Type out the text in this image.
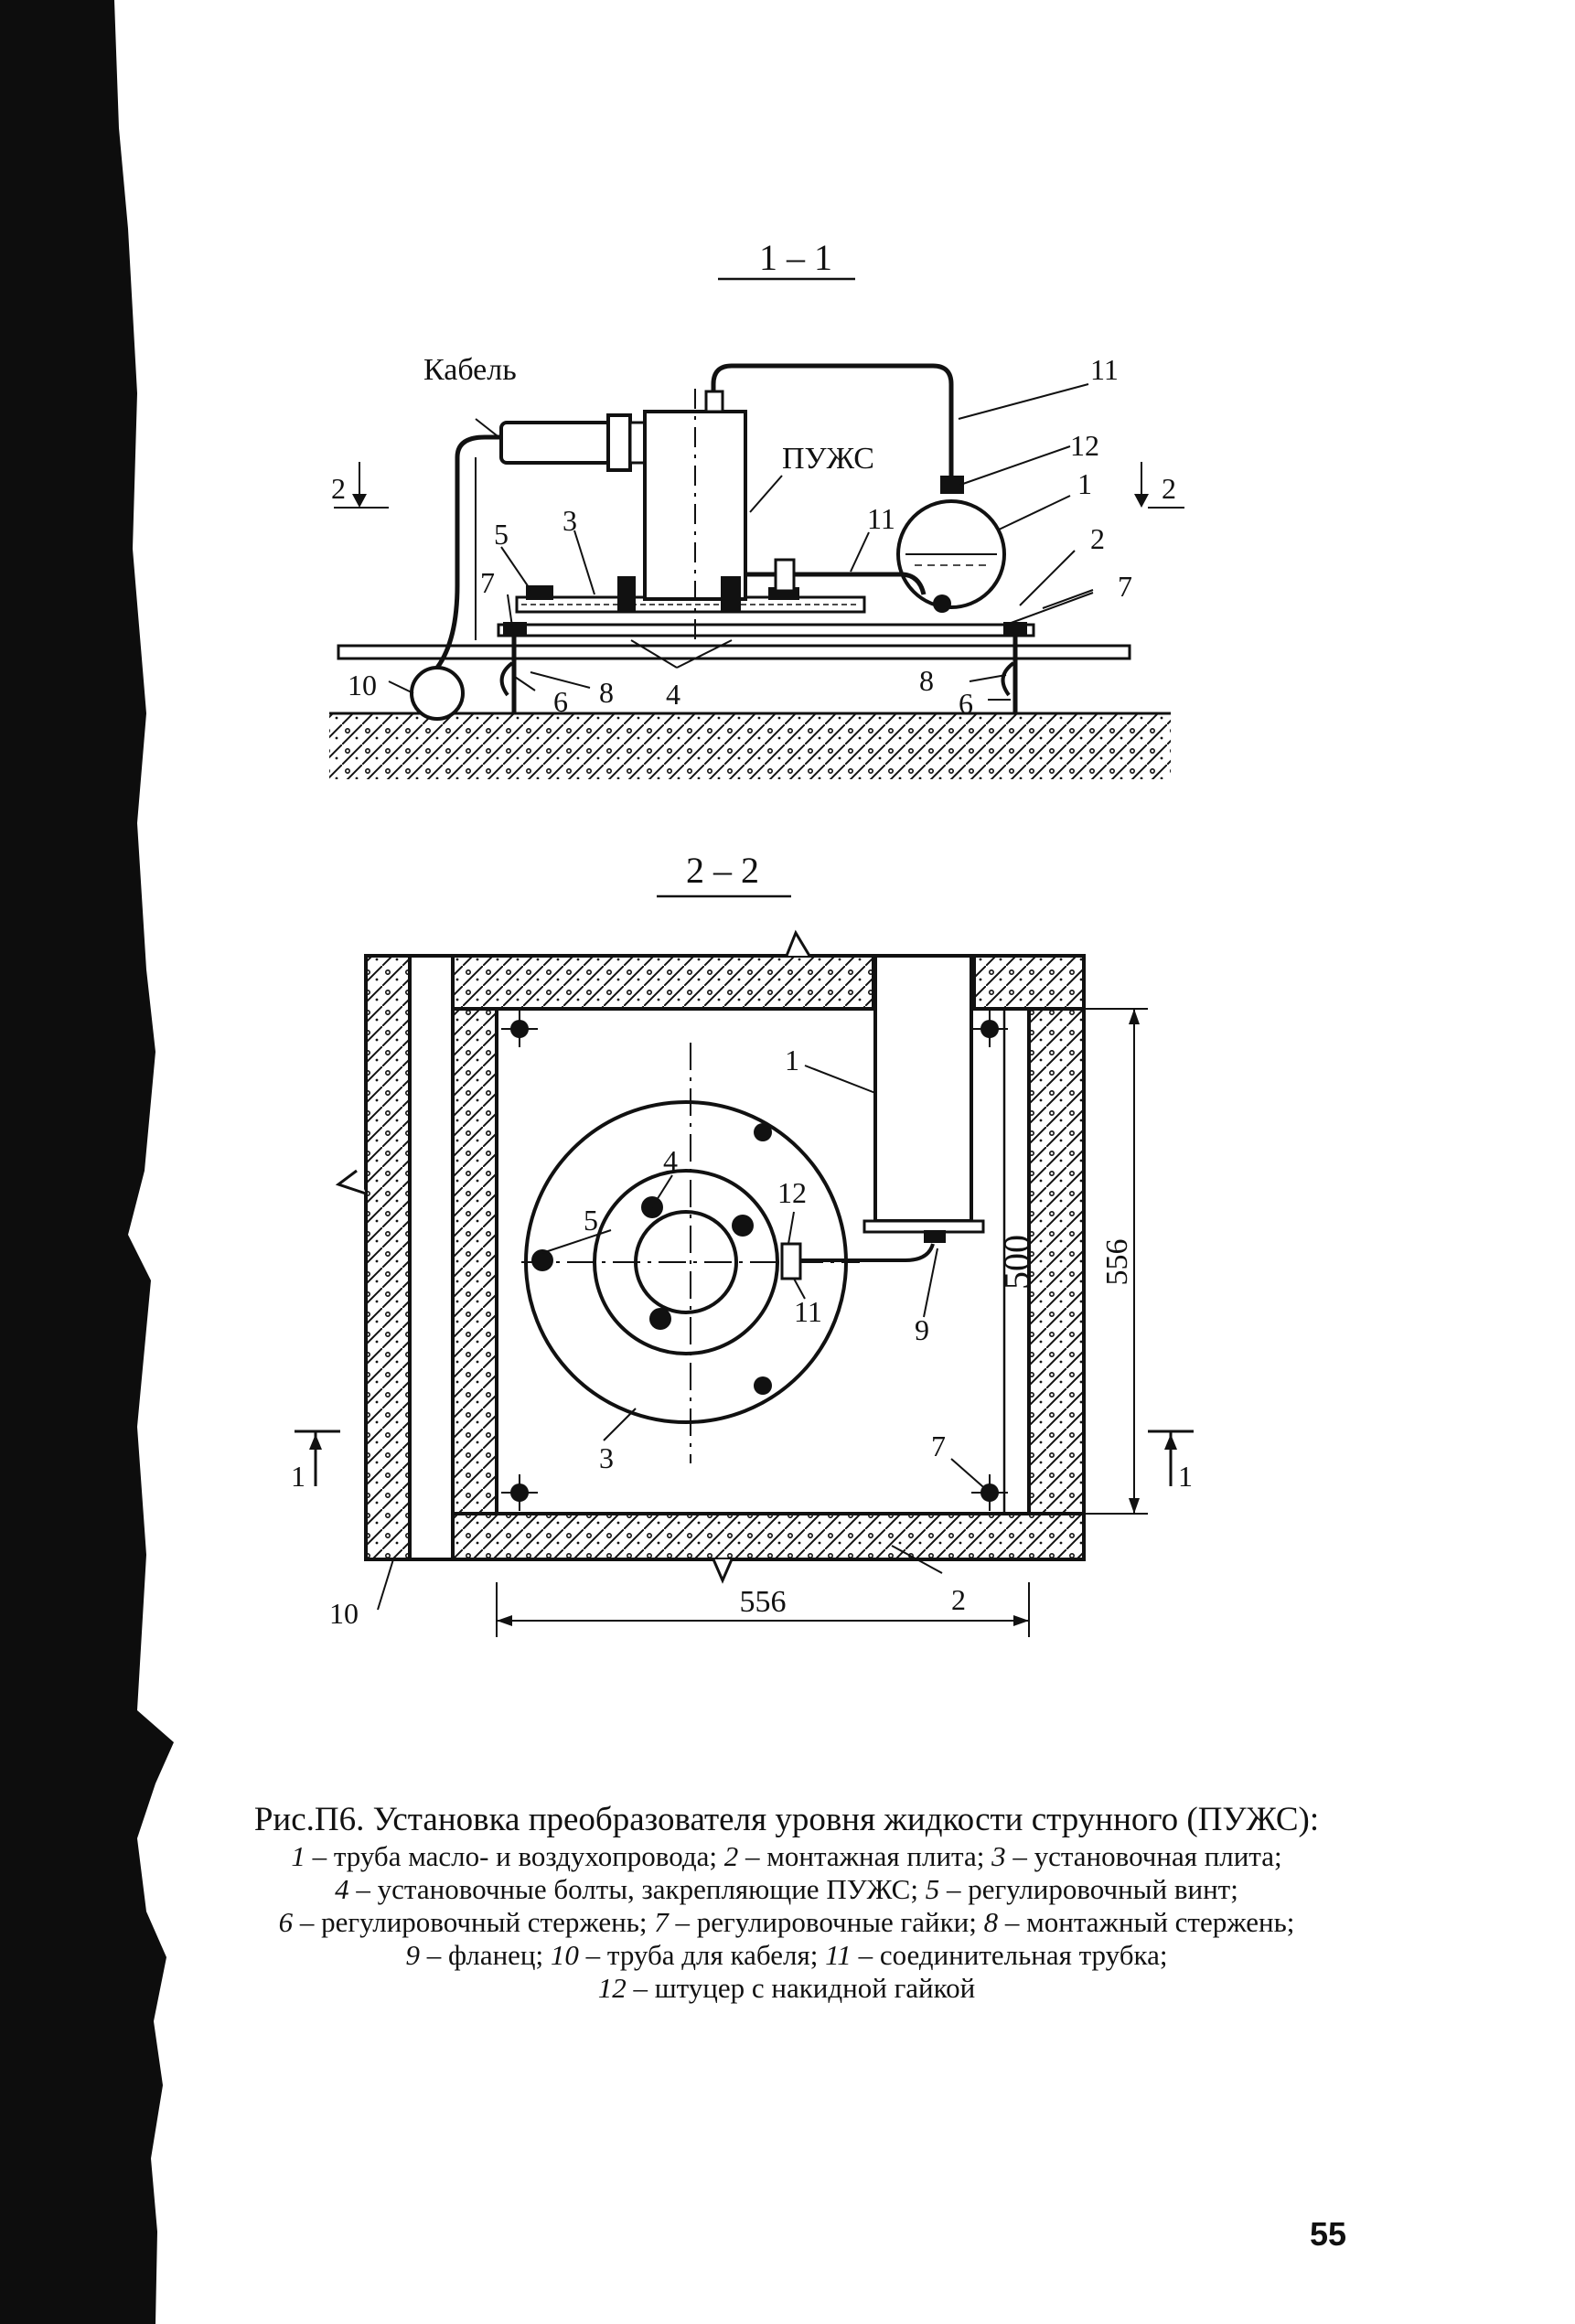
1 – 1
Кабель
ПУЖС
11
12
1 2
2
2
7
11
5 3
7
10	6 8 4	8
6
2 – 2
1
4
5
12
11
9
3	7
10	2
1	1
556
556
500
Рис.П6. Установка преобразователя уровня жидкости струнного (ПУЖС):
1 – труба масло- и воздухопровода; 2 – монтажная плита; 3 – установочная плита;
4 – установочные болты, закрепляющие ПУЖС; 5 – регулировочный винт;
6 – регулировочный стержень; 7 – регулировочные гайки; 8 – монтажный стержень;
9 – фланец; 10 – труба для кабеля; 11 – соединительная трубка;
12 – штуцер с накидной гайкой
55
